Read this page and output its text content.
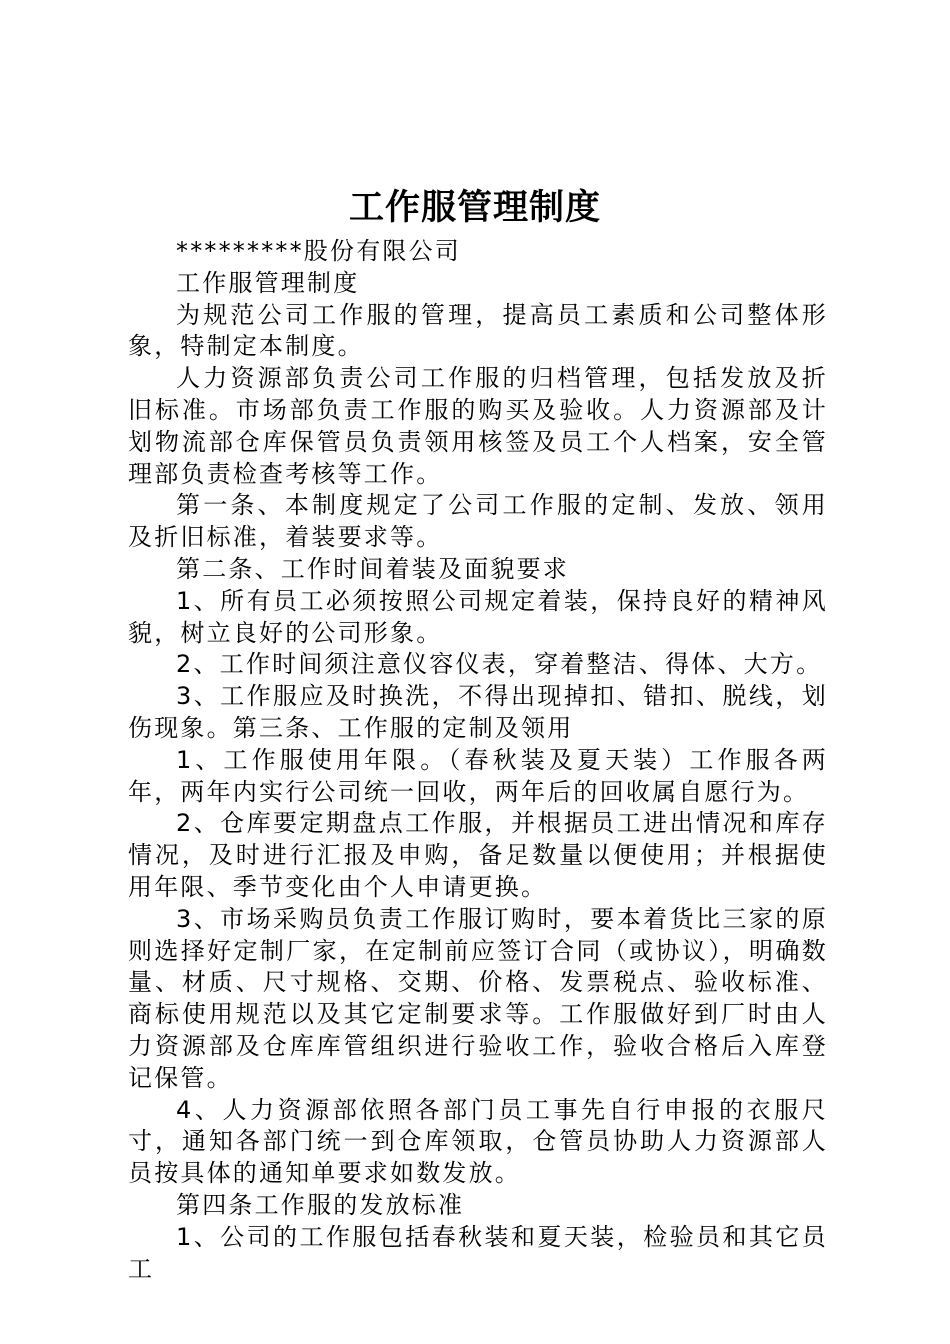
工作服管理制度

*********股份有限公司

工作服管理制度

为规范公司工作服的管理，提高员工素质和公司整体形象，特制定本制度。

人力资源部负责公司工作服的归档管理，包括发放及折旧标准。市场部负责工作服的购买及验收。人力资源部及计划物流部仓库保管员负责领用核签及员工个人档案，安全管理部负责检查考核等工作。

第一条、本制度规定了公司工作服的定制、发放、领用及折旧标准，着装要求等。

第二条、工作时间着装及面貌要求

1、所有员工必须按照公司规定着装，保持良好的精神风貌，树立良好的公司形象。

2、工作时间须注意仪容仪表，穿着整洁、得体、大方。

3、工作服应及时换洗，不得出现掉扣、错扣、脱线，划伤现象。第三条、工作服的定制及领用

1、工作服使用年限。（春秋装及夏天装）工作服各两年，两年内实行公司统一回收，两年后的回收属自愿行为。

2、仓库要定期盘点工作服，并根据员工进出情况和库存情况，及时进行汇报及申购，备足数量以便使用；并根据使用年限、季节变化由个人申请更换。

3、市场采购员负责工作服订购时，要本着货比三家的原则选择好定制厂家，在定制前应签订合同（或协议），明确数量、材质、尺寸规格、交期、价格、发票税点、验收标准、商标使用规范以及其它定制要求等。工作服做好到厂时由人力资源部及仓库库管组织进行验收工作，验收合格后入库登记保管。

4、人力资源部依照各部门员工事先自行申报的衣服尺寸，通知各部门统一到仓库领取，仓管员协助人力资源部人员按具体的通知单要求如数发放。

第四条工作服的发放标准

1、公司的工作服包括春秋装和夏天装，检验员和其它员工
